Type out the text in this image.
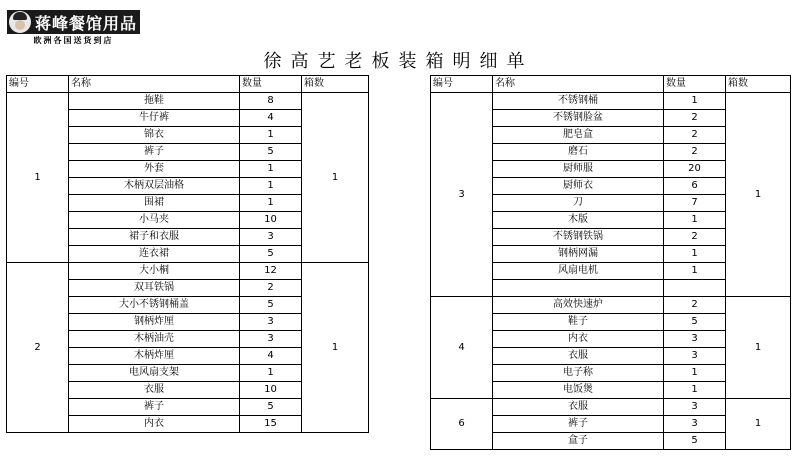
蒋峰餐馆用品
欧洲各国送货到店
徐高艺老板装箱明细单
编号	名称	数量	箱数
1	拖鞋	8	1
	牛仔裤	4	
	锦衣	1	
	裤子	5	
	外套	1	
	木柄双层油格	1	
	围裙	1	
	小马夹	10	
	裙子和衣服	3	
	连衣裙	5	
2	大小桐	12	1
	双耳铁锅	2	
	大小不锈钢桶盖	5	
	钢柄炸厘	3	
	木柄油壳	3	
	木柄炸厘	4	
	电风扇支架	1	
	衣服	10	
	裤子	5	
	内衣	15	
编号	名称	数量	箱数
3	不锈钢桶	1	1
	不锈钢脸盆	2	
	肥皂盒	2	
	磨石	2	
	厨师服	20	
	厨师衣	6	
	刀	7	
	木版	1	
	不锈钢铁锅	2	
	钢柄网漏	1	
	风扇电机	1	

4	高效快速炉	2	1
	鞋子	5	
	内衣	3	
	衣服	3	
	电子称	1	
	电饭煲	1	
6	衣服	3	1
	裤子	3	
	盒子	5	
